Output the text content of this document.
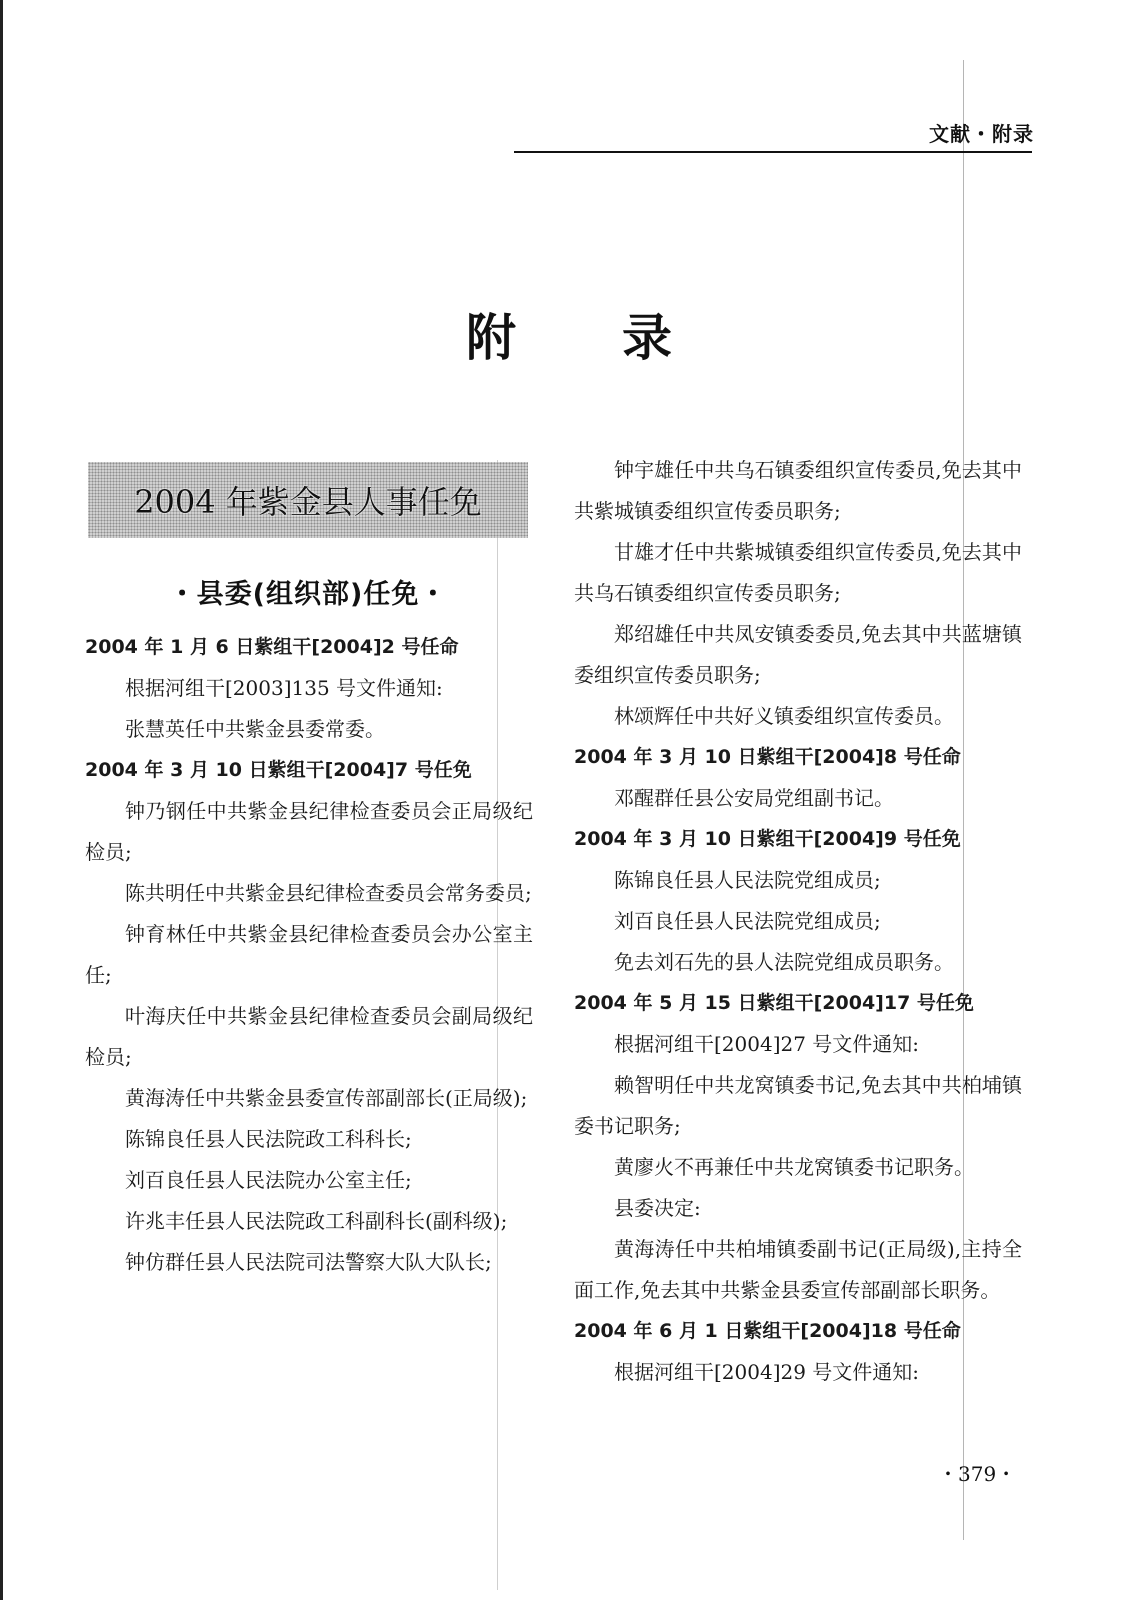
文献・附录
附 录
2004 年紫金县人事任免
・县委(组织部)任免・

2004 年 1 月 6 日紫组干[2004]2 号任命

根据河组干[2003]135 号文件通知:

张慧英任中共紫金县委常委。

2004 年 3 月 10 日紫组干[2004]7 号任免

钟乃钢任中共紫金县纪律检查委员会正局级纪检员;

陈共明任中共紫金县纪律检查委员会常务委员;

钟育林任中共紫金县纪律检查委员会办公室主任;

叶海庆任中共紫金县纪律检查委员会副局级纪检员;

黄海涛任中共紫金县委宣传部副部长(正局级);

陈锦良任县人民法院政工科科长;

刘百良任县人民法院办公室主任;

许兆丰任县人民法院政工科副科长(副科级);

钟仿群任县人民法院司法警察大队大队长;

钟宇雄任中共乌石镇委组织宣传委员,免去其中共紫城镇委组织宣传委员职务;

甘雄才任中共紫城镇委组织宣传委员,免去其中共乌石镇委组织宣传委员职务;

郑绍雄任中共凤安镇委委员,免去其中共蓝塘镇委组织宣传委员职务;

林颂辉任中共好义镇委组织宣传委员。

2004 年 3 月 10 日紫组干[2004]8 号任命

邓醒群任县公安局党组副书记。

2004 年 3 月 10 日紫组干[2004]9 号任免

陈锦良任县人民法院党组成员;

刘百良任县人民法院党组成员;

免去刘石先的县人法院党组成员职务。

2004 年 5 月 15 日紫组干[2004]17 号任免

根据河组干[2004]27 号文件通知:

赖智明任中共龙窝镇委书记,免去其中共柏埔镇委书记职务;

黄廖火不再兼任中共龙窝镇委书记职务。

县委决定:

黄海涛任中共柏埔镇委副书记(正局级),主持全面工作,免去其中共紫金县委宣传部副部长职务。

2004 年 6 月 1 日紫组干[2004]18 号任命

根据河组干[2004]29 号文件通知:

・379・
